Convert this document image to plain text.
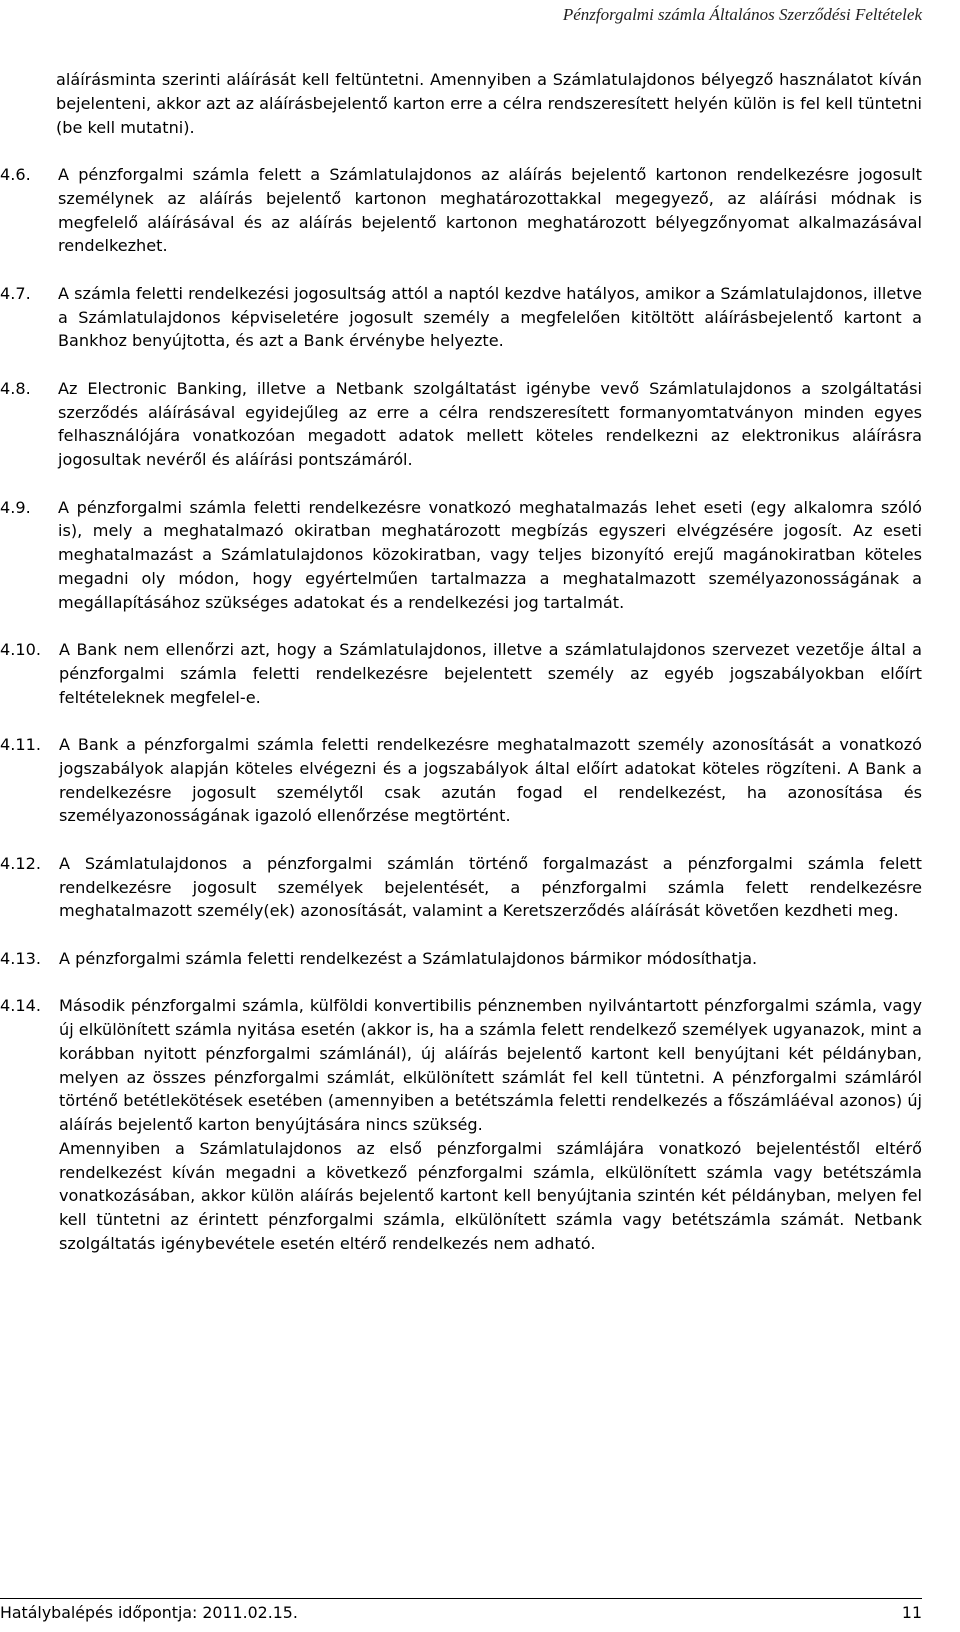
Pénzforgalmi számla Általános Szerződési Feltételek
aláírásminta szerinti aláírását kell feltüntetni. Amennyiben a Számlatulajdonos bélyegző használatot kíván bejelenteni, akkor azt az aláírásbejelentő karton erre a célra rendszeresített helyén külön is fel kell tüntetni (be kell mutatni).
4.6. A pénzforgalmi számla felett a Számlatulajdonos az aláírás bejelentő kartonon rendelkezésre jogosult személynek az aláírás bejelentő kartonon meghatározottakkal megegyező, az aláírási módnak is megfelelő aláírásával és az aláírás bejelentő kartonon meghatározott bélyegzőnyomat alkalmazásával rendelkezhet.
4.7. A számla feletti rendelkezési jogosultság attól a naptól kezdve hatályos, amikor a Számlatulajdonos, illetve a Számlatulajdonos képviseletére jogosult személy a megfelelően kitöltött aláírásbejelentő kartont a Bankhoz benyújtotta, és azt a Bank érvénybe helyezte.
4.8. Az Electronic Banking, illetve a Netbank szolgáltatást igénybe vevő Számlatulajdonos a szolgáltatási szerződés aláírásával egyidejűleg az erre a célra rendszeresített formanyomtatványon minden egyes felhasználójára vonatkozóan megadott adatok mellett köteles rendelkezni az elektronikus aláírásra jogosultak nevéről és aláírási pontszámáról.
4.9. A pénzforgalmi számla feletti rendelkezésre vonatkozó meghatalmazás lehet eseti (egy alkalomra szóló is), mely a meghatalmazó okiratban meghatározott megbízás egyszeri elvégzésére jogosít. Az eseti meghatalmazást a Számlatulajdonos közokiratban, vagy teljes bizonyító erejű magánokiratban köteles megadni oly módon, hogy egyértelműen tartalmazza a meghatalmazott személyazonosságának a megállapításához szükséges adatokat és a rendelkezési jog tartalmát.
4.10. A Bank nem ellenőrzi azt, hogy a Számlatulajdonos, illetve a számlatulajdonos szervezet vezetője által a pénzforgalmi számla feletti rendelkezésre bejelentett személy az egyéb jogszabályokban előírt feltételeknek megfelel-e.
4.11. A Bank a pénzforgalmi számla feletti rendelkezésre meghatalmazott személy azonosítását a vonatkozó jogszabályok alapján köteles elvégezni és a jogszabályok által előírt adatokat köteles rögzíteni. A Bank a rendelkezésre jogosult személytől csak azután fogad el rendelkezést, ha azonosítása és személyazonosságának igazoló ellenőrzése megtörtént.
4.12. A Számlatulajdonos a pénzforgalmi számlán történő forgalmazást a pénzforgalmi számla felett rendelkezésre jogosult személyek bejelentését, a pénzforgalmi számla felett rendelkezésre meghatalmazott személy(ek) azonosítását, valamint a Keretszerződés aláírását követően kezdheti meg.
4.13. A pénzforgalmi számla feletti rendelkezést a Számlatulajdonos bármikor módosíthatja.
4.14. Második pénzforgalmi számla, külföldi konvertibilis pénznemben nyilvántartott pénzforgalmi számla, vagy új elkülönített számla nyitása esetén (akkor is, ha a számla felett rendelkező személyek ugyanazok, mint a korábban nyitott pénzforgalmi számlánál), új aláírás bejelentő kartont kell benyújtani két példányban, melyen az összes pénzforgalmi számlát, elkülönített számlát fel kell tüntetni. A pénzforgalmi számláról történő betétlekötések esetében (amennyiben a betétszámla feletti rendelkezés a főszámláéval azonos) új aláírás bejelentő karton benyújtására nincs szükség.
Amennyiben a Számlatulajdonos az első pénzforgalmi számlájára vonatkozó bejelentéstől eltérő rendelkezést kíván megadni a következő pénzforgalmi számla, elkülönített számla vagy betétszámla vonatkozásában, akkor külön aláírás bejelentő kartont kell benyújtania szintén két példányban, melyen fel kell tüntetni az érintett pénzforgalmi számla, elkülönített számla vagy betétszámla számát. Netbank szolgáltatás igénybevétele esetén eltérő rendelkezés nem adható.
Hatálybalépés időpontja: 2011.02.15.	11
